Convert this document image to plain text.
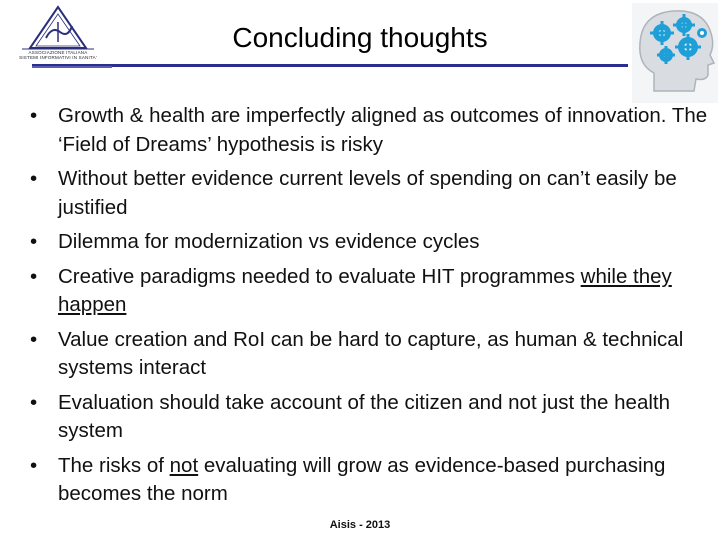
ASSOCIAZIONE ITALIANA
SISTEMI INFORMATIVI IN SANITA'
Concluding thoughts
• Growth & health are imperfectly aligned as outcomes of innovation. The ‘Field of Dreams’ hypothesis is risky
• Without better evidence current levels of spending on can’t easily be justified
• Dilemma for modernization vs evidence cycles
• Creative paradigms needed to evaluate HIT programmes while they happen
• Value creation and RoI can be hard to capture, as human & technical systems interact
• Evaluation should take account of the citizen and not just the health system
• The risks of not evaluating will grow as evidence-based purchasing becomes the norm
Aisis - 2013
